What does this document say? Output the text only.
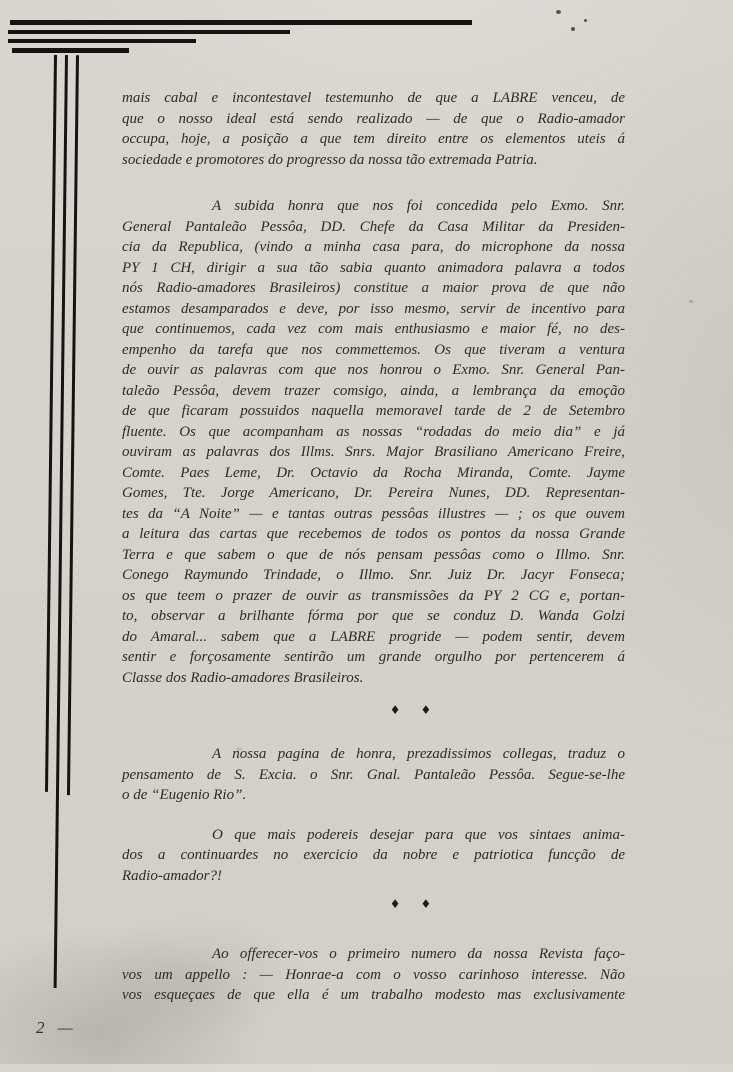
mais cabal e incontestavel testemunho de que a LABRE venceu, de
que o nosso ideal está sendo realizado — de que o Radio-amador
occupa, hoje, a posição a que tem direito entre os elementos uteis á
sociedade e promotores do progresso da nossa tão extremada Patria.
A subida honra que nos foi concedida pelo Exmo. Snr.
General Pantaleão Pessôa, DD. Chefe da Casa Militar da Presiden-
cia da Republica, (vindo a minha casa para, do microphone da nossa
PY 1 CH, dirigir a sua tão sabia quanto animadora palavra a todos
nós Radio-amadores Brasileiros) constitue a maior prova de que não
estamos desamparados e deve, por isso mesmo, servir de incentivo para
que continuemos, cada vez com mais enthusiasmo e maior fé, no des-
empenho da tarefa que nos commettemos. Os que tiveram a ventura
de ouvir as palavras com que nos honrou o Exmo. Snr. General Pan-
taleão Pessôa, devem trazer comsigo, ainda, a lembrança da emoção
de que ficaram possuidos naquella memoravel tarde de 2 de Setembro
fluente. Os que acompanham as nossas “rodadas do meio dia” e já
ouviram as palavras dos Illms. Snrs. Major Brasiliano Americano Freire,
Comte. Paes Leme, Dr. Octavio da Rocha Miranda, Comte. Jayme
Gomes, Tte. Jorge Americano, Dr. Pereira Nunes, DD. Representan-
tes da “A Noite” — e tantas outras pessôas illustres — ; os que ouvem
a leitura das cartas que recebemos de todos os pontos da nossa Grande
Terra e que sabem o que de nós pensam pessôas como o Illmo. Snr.
Conego Raymundo Trindade, o Illmo. Snr. Juiz Dr. Jacyr Fonseca;
os que teem o prazer de ouvir as transmissões da PY 2 CG e, portan-
to, observar a brilhante fórma por que se conduz D. Wanda Golzi
do Amaral... sabem que a LABRE progride — podem sentir, devem
sentir e forçosamente sentirão um grande orgulho por pertencerem á
Classe dos Radio-amadores Brasileiros.
♦ ♦
A nossa pagina de honra, prezadissimos collegas, traduz o
pensamento de S. Excia. o Snr. Gnal. Pantaleão Pessôa. Segue-se-lhe
o de “Eugenio Rio”.
O que mais podereis desejar para que vos sintaes anima-
dos a continuardes no exercicio da nobre e patriotica funcção de
Radio-amador?!
♦ ♦
Ao offerecer-vos o primeiro numero da nossa Revista faço-
vos um appello : — Honrae-a com o vosso carinhoso interesse. Não
vos esqueçaes de que ella é um trabalho modesto mas exclusivamente
2 —
